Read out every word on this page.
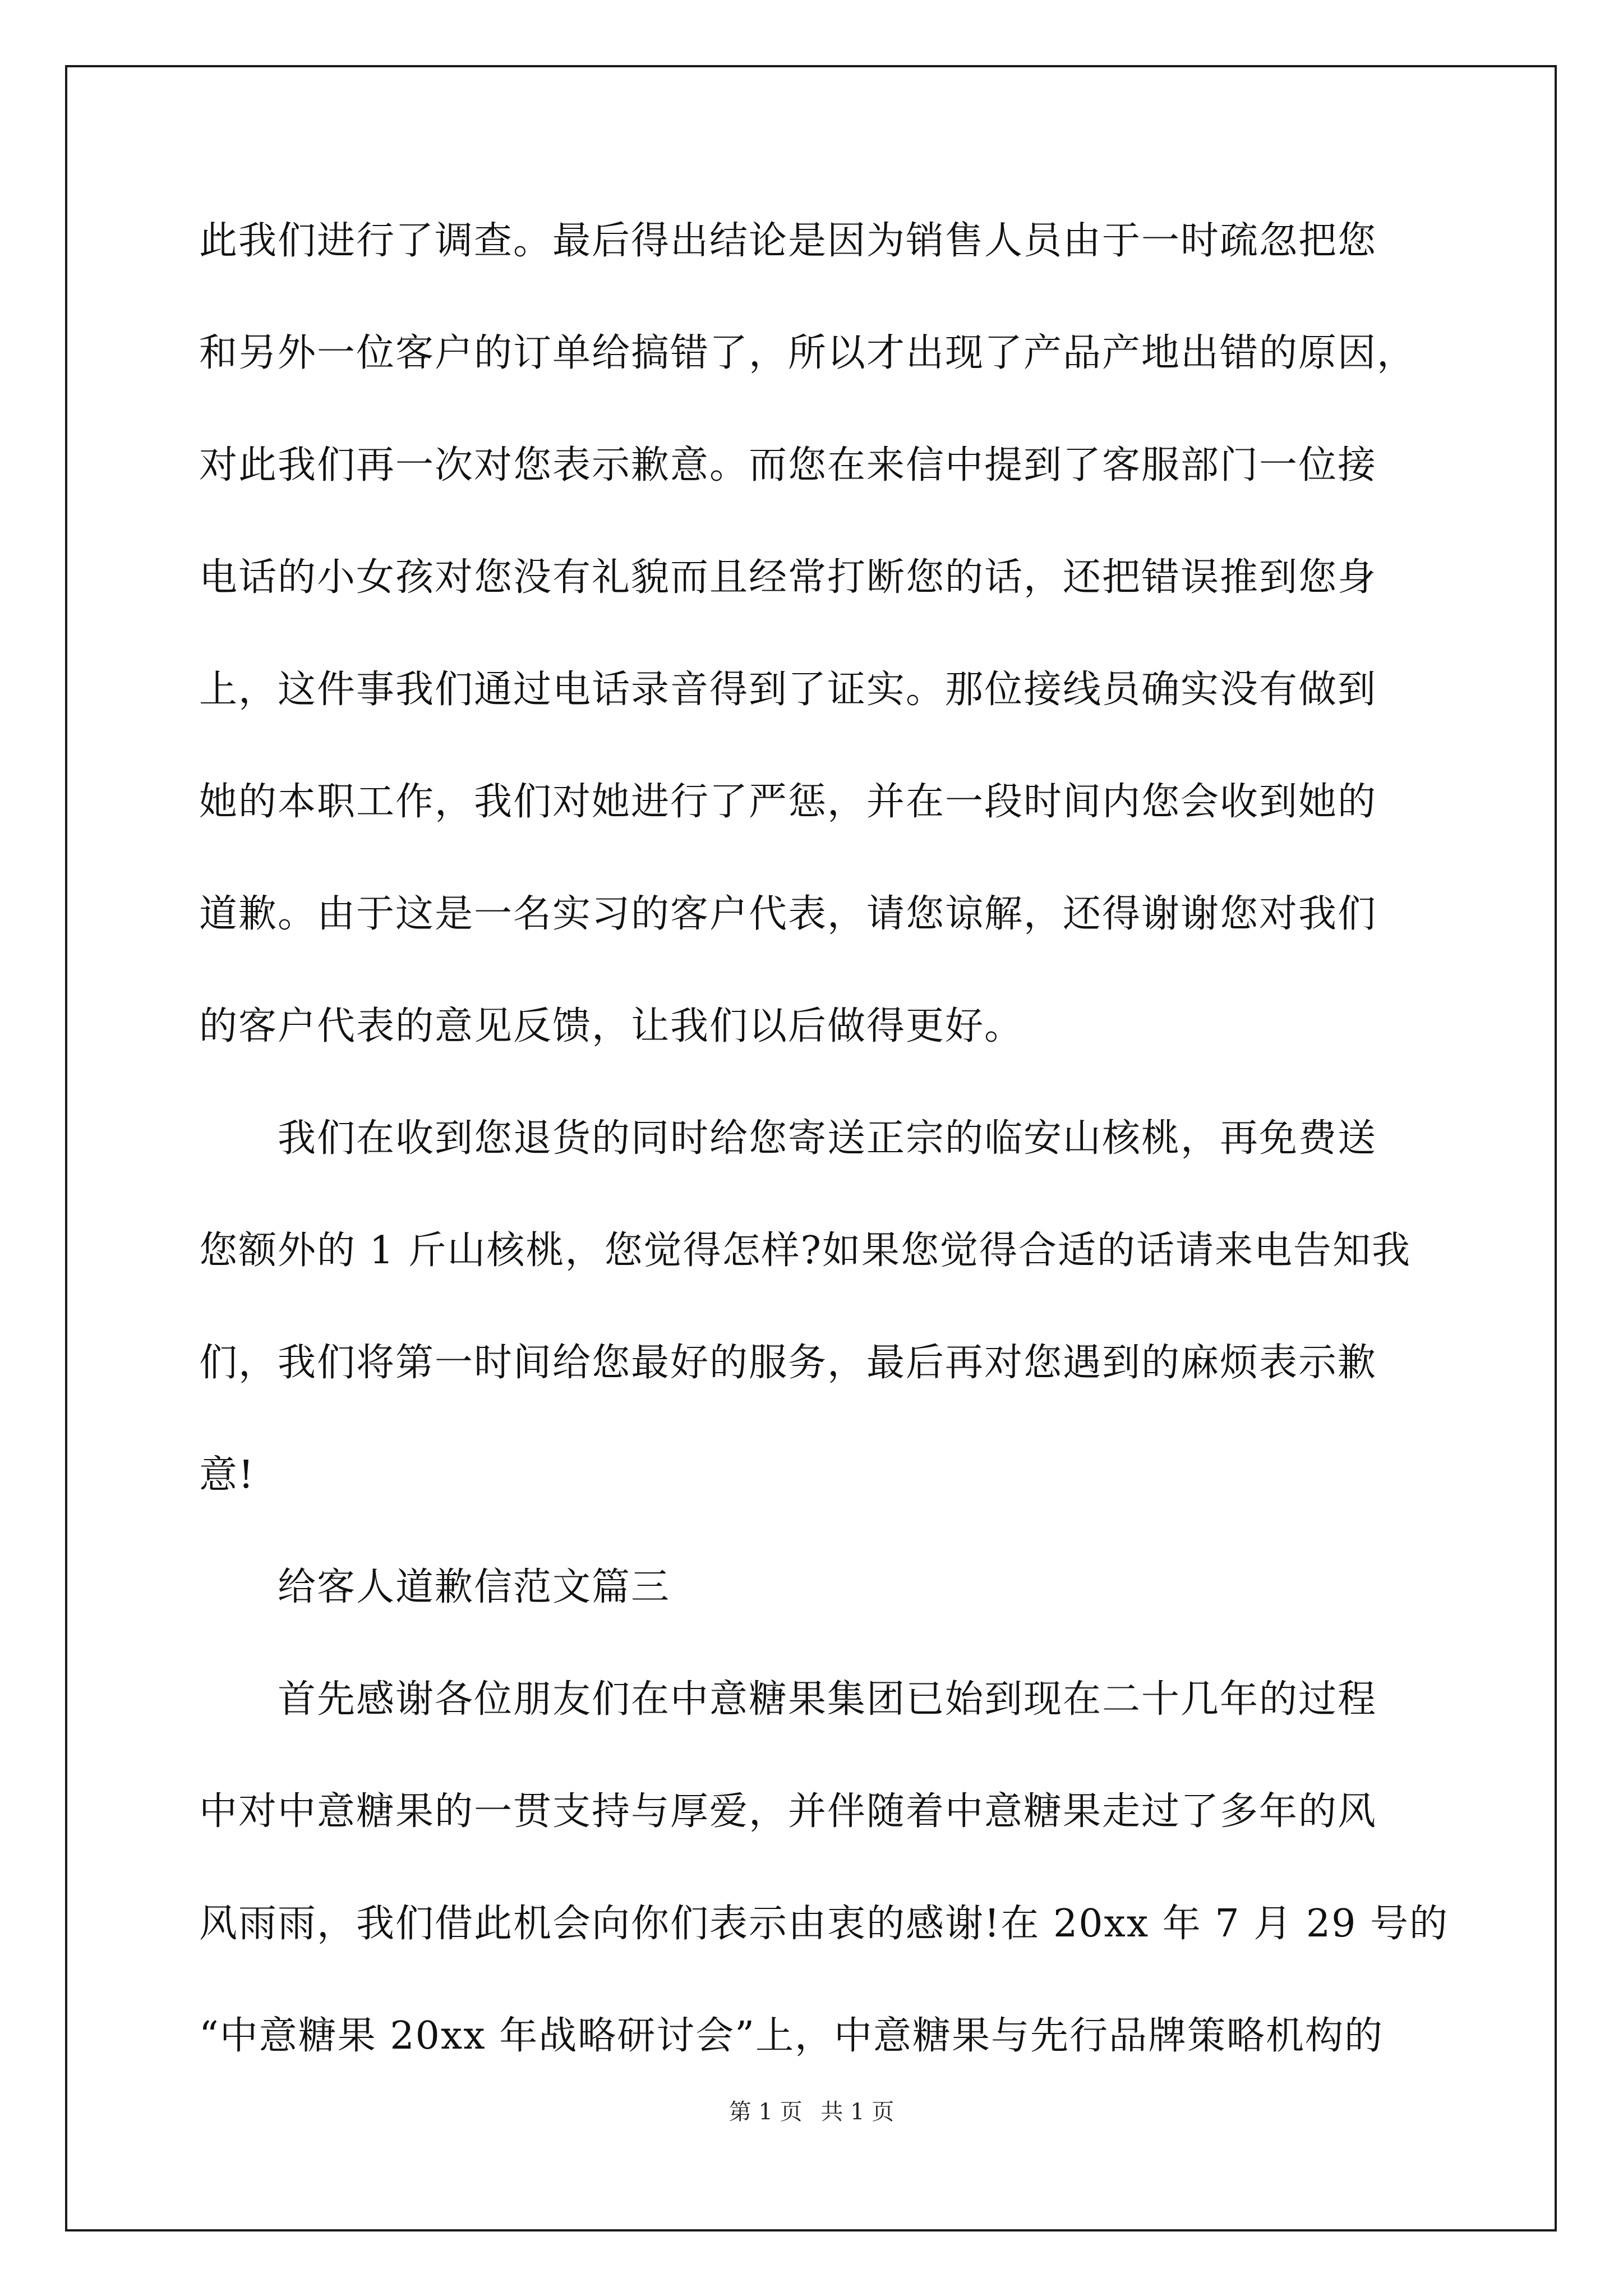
此我们进行了调查。最后得出结论是因为销售人员由于一时疏忽把您
和另外一位客户的订单给搞错了，所以才出现了产品产地出错的原因，
对此我们再一次对您表示歉意。而您在来信中提到了客服部门一位接
电话的小女孩对您没有礼貌而且经常打断您的话，还把错误推到您身
上，这件事我们通过电话录音得到了证实。那位接线员确实没有做到
她的本职工作，我们对她进行了严惩，并在一段时间内您会收到她的
道歉。由于这是一名实习的客户代表，请您谅解，还得谢谢您对我们
的客户代表的意见反馈，让我们以后做得更好。
我们在收到您退货的同时给您寄送正宗的临安山核桃，再免费送
您额外的 1 斤山核桃，您觉得怎样?如果您觉得合适的话请来电告知我
们，我们将第一时间给您最好的服务，最后再对您遇到的麻烦表示歉
意!
给客人道歉信范文篇三
首先感谢各位朋友们在中意糖果集团已始到现在二十几年的过程
中对中意糖果的一贯支持与厚爱，并伴随着中意糖果走过了多年的风
风雨雨，我们借此机会向你们表示由衷的感谢!在 20xx 年 7 月 29 号的
“中意糖果 20xx 年战略研讨会”上，中意糖果与先行品牌策略机构的
第 1 页 共 1 页
